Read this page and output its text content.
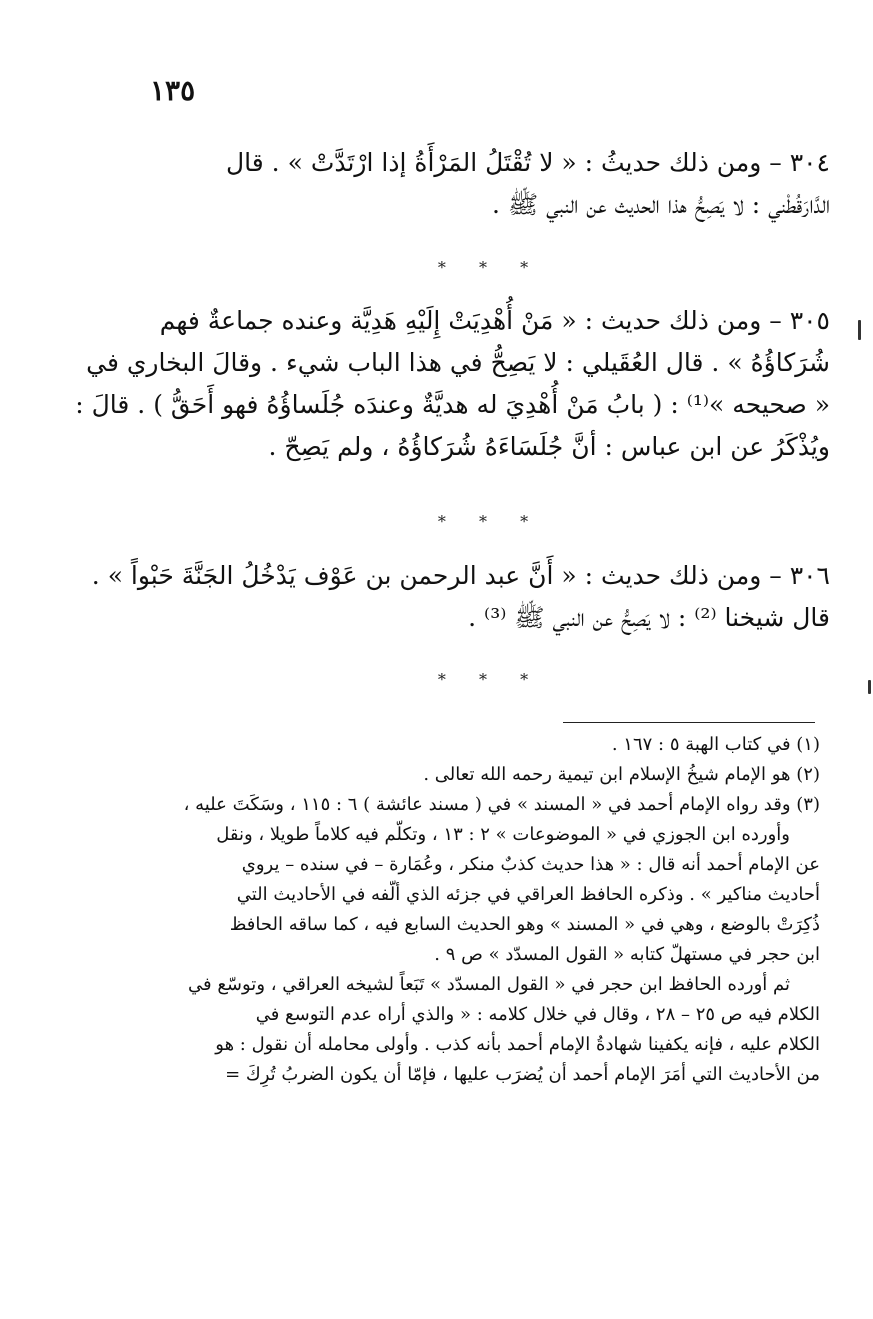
١٣٥
٣٠٤ – ومن ذلك حديثُ : « لا تُقْتَلُ المَرْأَةُ إذا ارْتَدَّتْ » . قال
الدَّارَقُطْني : لا يَصِحُّ هذا الحديث عن النبي ﷺ .
* * *
٣٠٥ – ومن ذلك حديث : « مَنْ أُهْدِيَتْ إِلَيْهِ هَدِيَّة وعنده جماعةٌ فهم
شُرَكاؤُهُ » . قال العُقَيلي : لا يَصِحُّ في هذا الباب شيء . وقالَ البخاري في
« صحيحه »⁽¹⁾ : ( بابُ مَنْ أُهْدِيَ له هديَّةٌ وعندَه جُلَساؤُهُ فهو أَحَقُّ ) . قالَ :
ويُذْكَرُ عن ابن عباس : أنَّ جُلَسَاءَهُ شُرَكاؤُهُ ، ولم يَصِحّ .
* * *
٣٠٦ – ومن ذلك حديث : « أَنَّ عبد الرحمن بن عَوْف يَدْخُلُ الجَنَّةَ حَبْواً » .
قال شيخنا ⁽²⁾ : لا يَصِحُّ عن النبي ﷺ ⁽³⁾ .
* * *
(١) في كتاب الهبة ٥ : ١٦٧ .
(٢) هو الإمام شيخُ الإسلام ابن تيمية رحمه الله تعالى .
(٣) وقد رواه الإمام أحمد في « المسند » في ( مسند عائشة ) ٦ : ١١٥ ، وسَكَتَ عليه ،
وأورده ابن الجوزي في « الموضوعات » ٢ : ١٣ ، وتكلّم فيه كلاماً طويلا ، ونقل
عن الإمام أحمد أنه قال : « هذا حديث كذبٌ منكر ، وعُمَارة – في سنده – يروي
أحاديث مناكير » . وذكره الحافظ العراقي في جزئه الذي ألّفه في الأحاديث التي
ذُكِرَتْ بالوضع ، وهي في « المسند » وهو الحديث السابع فيه ، كما ساقه الحافظ
ابن حجر في مستهلّ كتابه « القول المسدّد » ص ٩ .
ثم أورده الحافظ ابن حجر في « القول المسدّد » تَبَعاً لشيخه العراقي ، وتوسّع في
الكلام فيه ص ٢٥ – ٢٨ ، وقال في خلال كلامه : « والذي أراه عدم التوسع في
الكلام عليه ، فإنه يكفينا شهادةُ الإمام أحمد بأنه كذب . وأولى محامله أن نقول : هو
من الأحاديث التي أمَرَ الإمام أحمد أن يُضرَب عليها ، فإمّا أن يكون الضربُ تُرِكَ =
